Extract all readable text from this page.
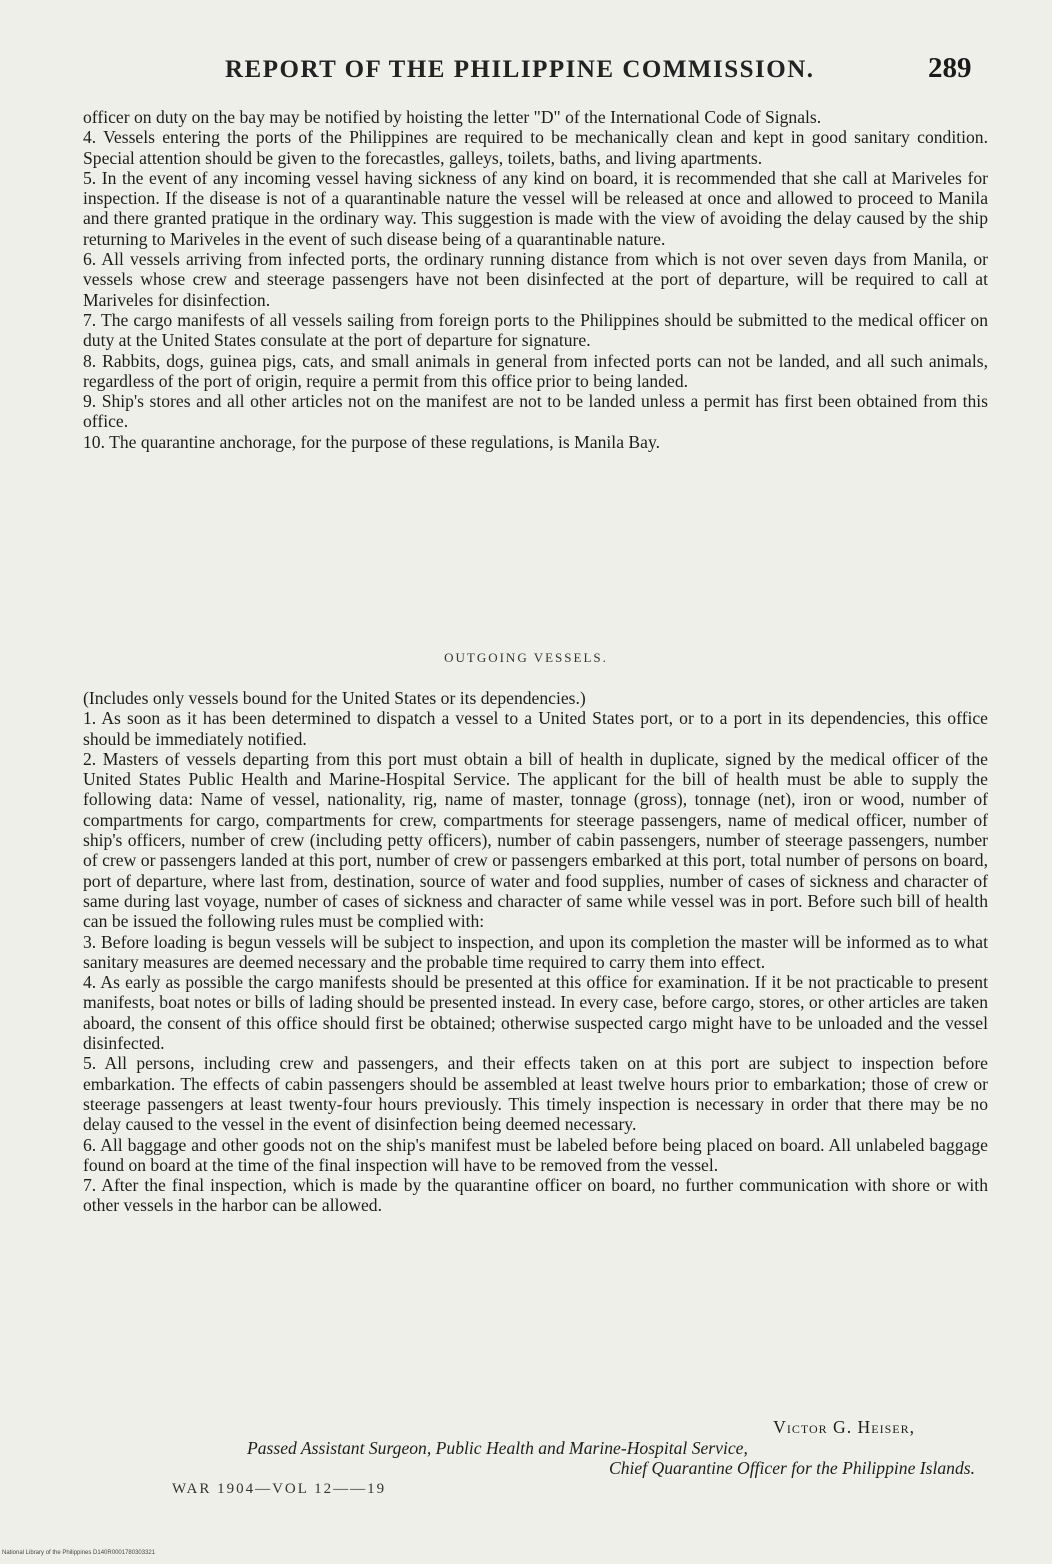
REPORT OF THE PHILIPPINE COMMISSION.	289

officer on duty on the bay may be notified by hoisting the letter "D" of the International Code of Signals.

4. Vessels entering the ports of the Philippines are required to be mechanically clean and kept in good sanitary condition. Special attention should be given to the forecastles, galleys, toilets, baths, and living apartments.

5. In the event of any incoming vessel having sickness of any kind on board, it is recommended that she call at Mariveles for inspection. If the disease is not of a quarantinable nature the vessel will be released at once and allowed to proceed to Manila and there granted pratique in the ordinary way. This suggestion is made with the view of avoiding the delay caused by the ship returning to Mariveles in the event of such disease being of a quarantinable nature.

6. All vessels arriving from infected ports, the ordinary running distance from which is not over seven days from Manila, or vessels whose crew and steerage passengers have not been disinfected at the port of departure, will be required to call at Mariveles for disinfection.

7. The cargo manifests of all vessels sailing from foreign ports to the Philippines should be submitted to the medical officer on duty at the United States consulate at the port of departure for signature.

8. Rabbits, dogs, guinea pigs, cats, and small animals in general from infected ports can not be landed, and all such animals, regardless of the port of origin, require a permit from this office prior to being landed.

9. Ship's stores and all other articles not on the manifest are not to be landed unless a permit has first been obtained from this office.

10. The quarantine anchorage, for the purpose of these regulations, is Manila Bay.

OUTGOING VESSELS.

(Includes only vessels bound for the United States or its dependencies.)

1. As soon as it has been determined to dispatch a vessel to a United States port, or to a port in its dependencies, this office should be immediately notified.

2. Masters of vessels departing from this port must obtain a bill of health in duplicate, signed by the medical officer of the United States Public Health and Marine-Hospital Service. The applicant for the bill of health must be able to supply the following data: Name of vessel, nationality, rig, name of master, tonnage (gross), tonnage (net), iron or wood, number of compartments for cargo, compartments for crew, compartments for steerage passengers, name of medical officer, number of ship's officers, number of crew (including petty officers), number of cabin passengers, number of steerage passengers, number of crew or passengers landed at this port, number of crew or passengers embarked at this port, total number of persons on board, port of departure, where last from, destination, source of water and food supplies, number of cases of sickness and character of same during last voyage, number of cases of sickness and character of same while vessel was in port. Before such bill of health can be issued the following rules must be complied with:

3. Before loading is begun vessels will be subject to inspection, and upon its completion the master will be informed as to what sanitary measures are deemed necessary and the probable time required to carry them into effect.

4. As early as possible the cargo manifests should be presented at this office for examination. If it be not practicable to present manifests, boat notes or bills of lading should be presented instead. In every case, before cargo, stores, or other articles are taken aboard, the consent of this office should first be obtained; otherwise suspected cargo might have to be unloaded and the vessel disinfected.

5. All persons, including crew and passengers, and their effects taken on at this port are subject to inspection before embarkation. The effects of cabin passengers should be assembled at least twelve hours prior to embarkation; those of crew or steerage passengers at least twenty-four hours previously. This timely inspection is necessary in order that there may be no delay caused to the vessel in the event of disinfection being deemed necessary.

6. All baggage and other goods not on the ship's manifest must be labeled before being placed on board. All unlabeled baggage found on board at the time of the final inspection will have to be removed from the vessel.

7. After the final inspection, which is made by the quarantine officer on board, no further communication with shore or with other vessels in the harbor can be allowed.

Victor G. Heiser,
Passed Assistant Surgeon, Public Health and Marine-Hospital Service,
Chief Quarantine Officer for the Philippine Islands.
WAR 1904—VOL 12——19
National Library of the Philippines D140R0001780303321
